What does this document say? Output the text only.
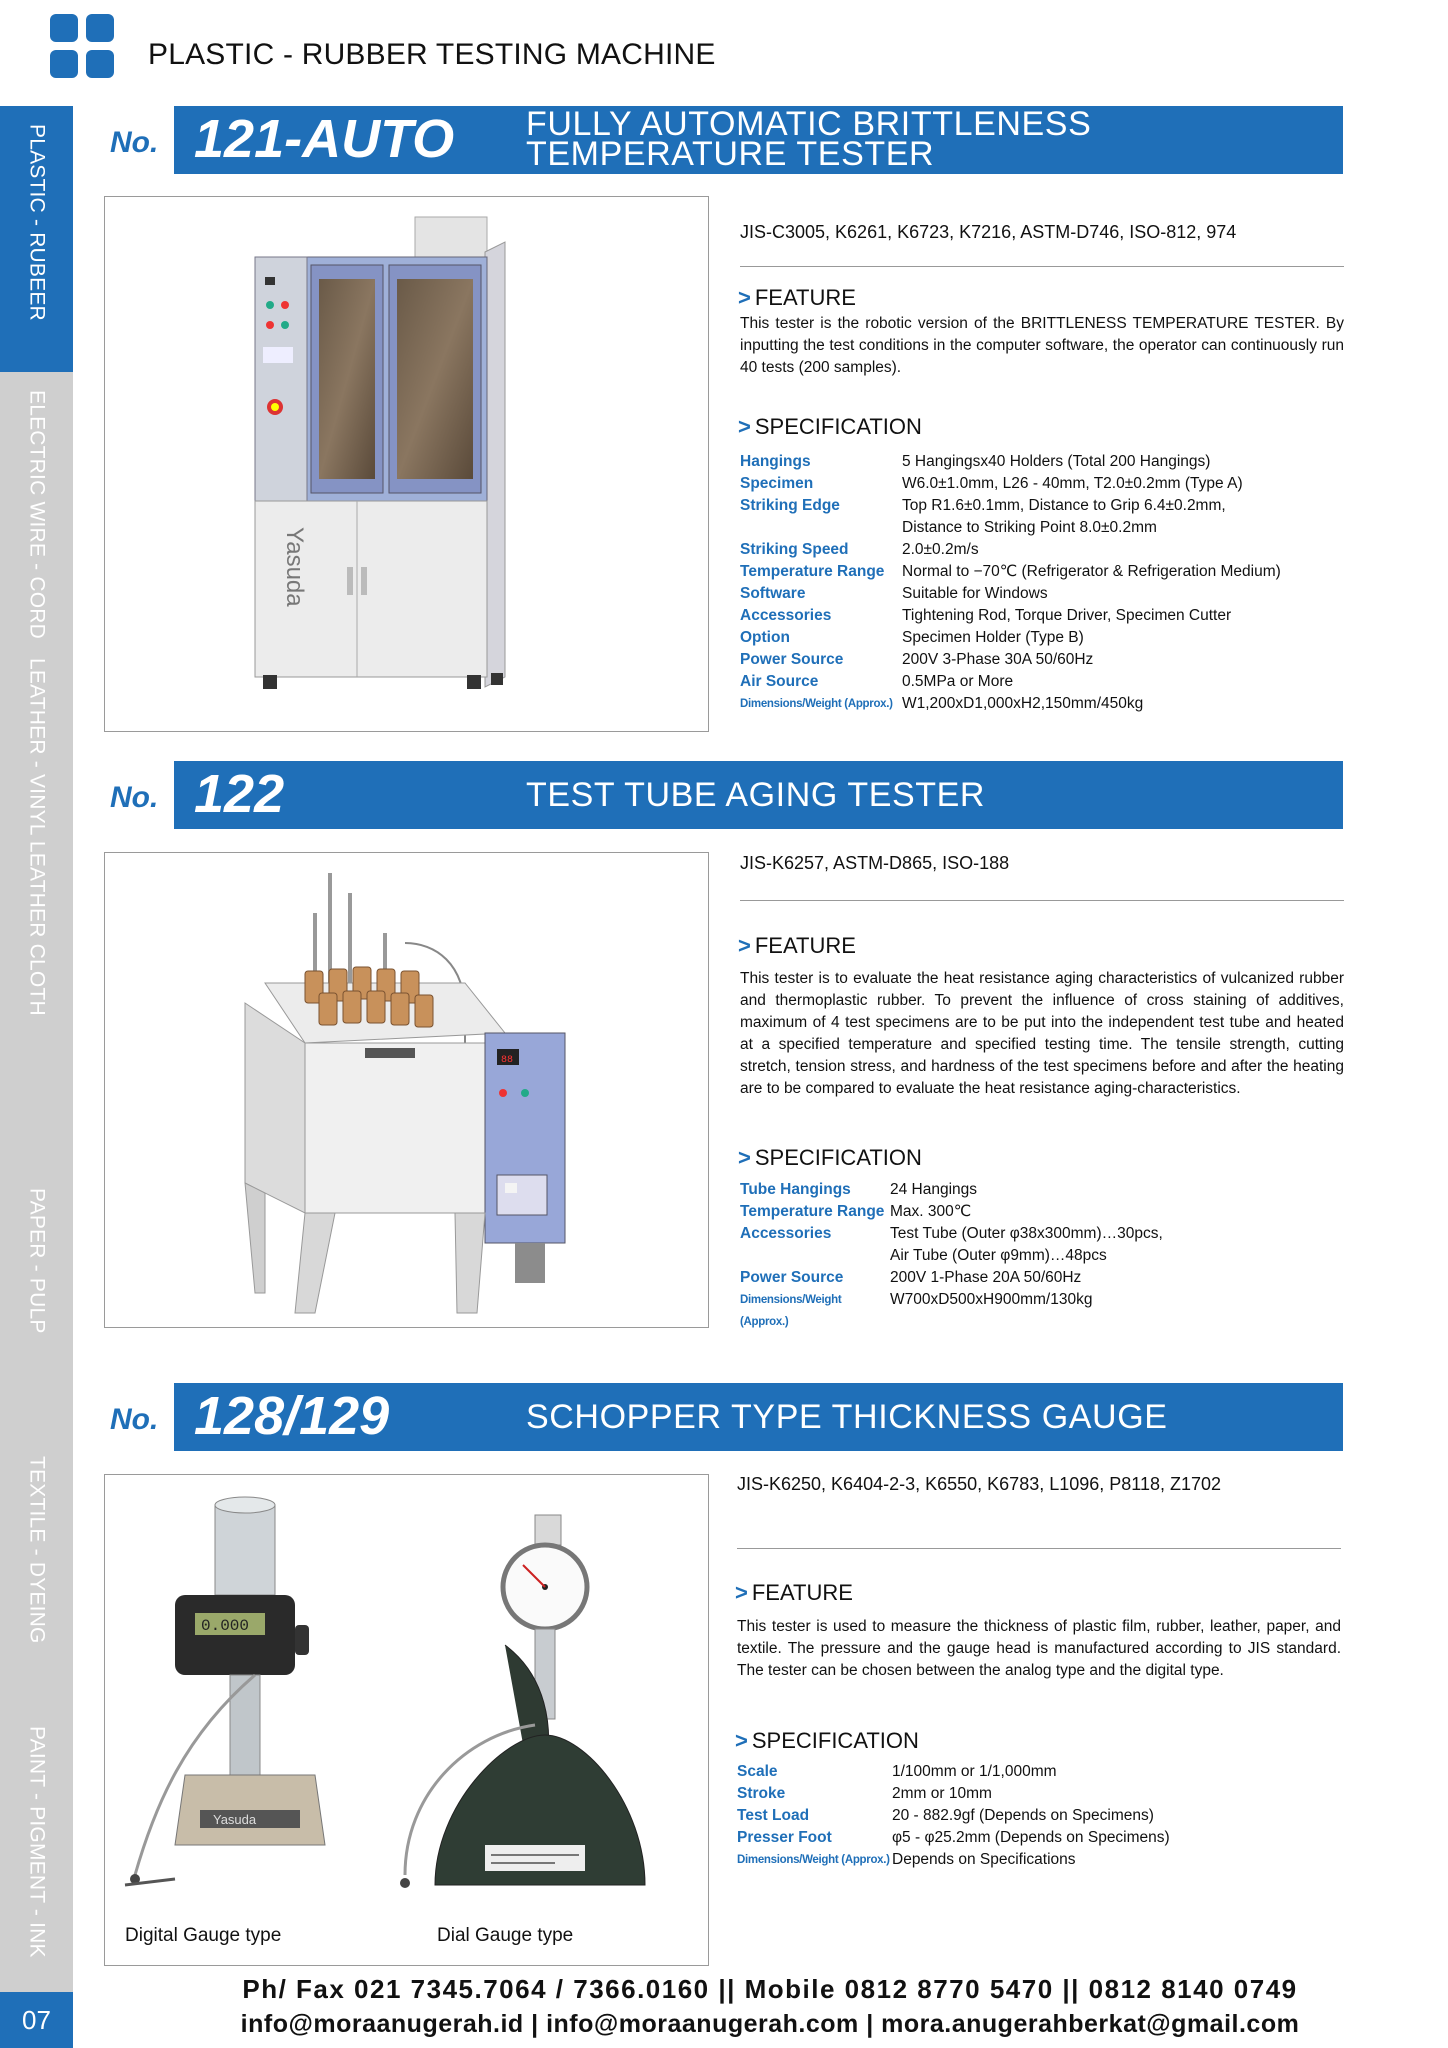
PLASTIC - RUBBER TESTING MACHINE
PLASTIC - RUBEER
ELECTRIC WIRE - CORD
LEATHER - VINYL LEATHER CLOTH
PAPER - PULP
TEXTILE - DYEING
PAINT - PIGMENT - INK
07
No. 121-AUTO FULLY AUTOMATIC BRITTLENESS
TEMPERATURE TESTER
Yasuda
JIS-C3005, K6261, K6723, K7216, ASTM-D746, ISO-812, 974
> FEATURE
This tester is the robotic version of the BRITTLENESS TEMPERATURE TESTER. By inputting the test conditions in the computer software, the operator can continuously run 40 tests (200 samples).
> SPECIFICATION
Hangings	5 Hangingsx40 Holders (Total 200 Hangings)
Specimen	W6.0±1.0mm, L26 - 40mm, T2.0±0.2mm (Type A)
Striking Edge	Top R1.6±0.1mm, Distance to Grip 6.4±0.2mm,
Distance to Striking Point 8.0±0.2mm
Striking Speed	2.0±0.2m/s
Temperature Range	Normal to −70℃ (Refrigerator & Refrigeration Medium)
Software	Suitable for Windows
Accessories	Tightening Rod, Torque Driver, Specimen Cutter
Option	Specimen Holder (Type B)
Power Source	200V 3-Phase 30A 50/60Hz
Air Source	0.5MPa or More
Dimensions/Weight (Approx.) W1,200xD1,000xH2,150mm/450kg
No. 122	TEST TUBE AGING TESTER
88
JIS-K6257, ASTM-D865, ISO-188
> FEATURE
This tester is to evaluate the heat resistance aging characteristics of vulcanized rubber and thermoplastic rubber. To prevent the influence of cross staining of additives, maximum of 4 test specimens are to be put into the independent test tube and heated at a specified temperature and specified testing time. The tensile strength, cutting stretch, tension stress, and hardness of the test specimens before and after the heating are to be compared to evaluate the heat resistance aging-characteristics.
> SPECIFICATION
Tube Hangings	24 Hangings
Temperature Range Max. 300℃
Accessories	Test Tube (Outer φ38x300mm)…30pcs,
Air Tube (Outer φ9mm)…48pcs
Power Source	200V 1-Phase 20A 50/60Hz
Dimensions/Weight (Approx.)
W700xD500xH900mm/130kg
No. 128/129	SCHOPPER TYPE THICKNESS GAUGE
0.000
Yasuda
Digital Gauge type	Dial Gauge type
JIS-K6250, K6404-2-3, K6550, K6783, L1096, P8118, Z1702
> FEATURE
This tester is used to measure the thickness of plastic film, rubber, leather, paper, and textile. The pressure and the gauge head is manufactured according to JIS standard. The tester can be chosen between the analog type and the digital type.
> SPECIFICATION
Scale	1/100mm or 1/1,000mm
Stroke	2mm or 10mm
Test Load	20 - 882.9gf (Depends on Specimens)
Presser Foot	φ5 - φ25.2mm (Depends on Specimens)
Dimensions/Weight (Approx.) Depends on Specifications
Ph/ Fax 021 7345.7064 / 7366.0160 || Mobile 0812 8770 5470 || 0812 8140 0749
info@moraanugerah.id | info@moraanugerah.com | mora.anugerahberkat@gmail.com
